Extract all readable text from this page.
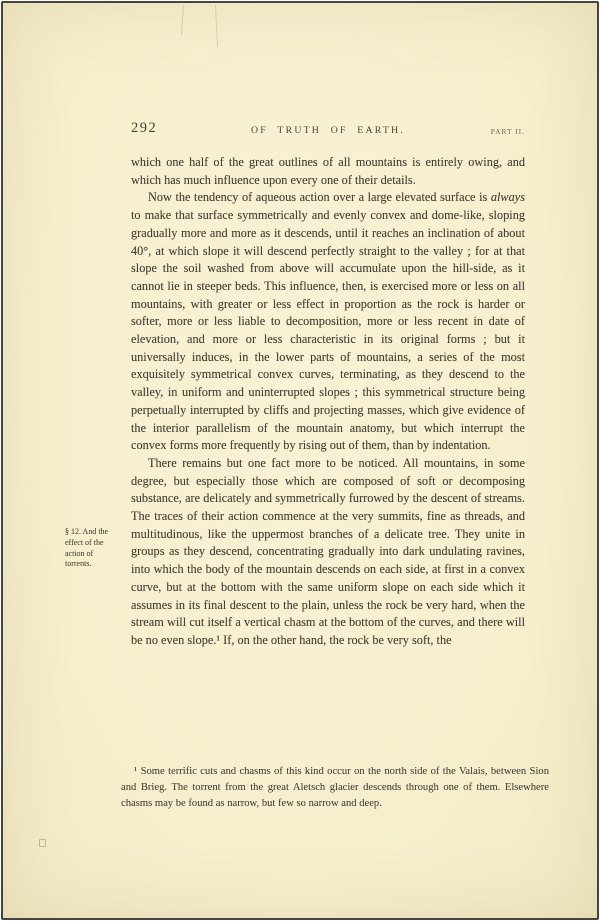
292	OF TRUTH OF EARTH.	PART II.
§ 12. And the
effect of the
action of
torrents.

which one half of the great outlines of all mountains is entirely owing, and which has much influence upon every one of their details.

Now the tendency of aqueous action over a large elevated surface is always to make that surface symmetrically and evenly convex and dome-like, sloping gradually more and more as it descends, until it reaches an inclination of about 40°, at which slope it will descend perfectly straight to the valley ; for at that slope the soil washed from above will accumulate upon the hill-side, as it cannot lie in steeper beds. This influence, then, is exercised more or less on all mountains, with greater or less effect in proportion as the rock is harder or softer, more or less liable to decomposition, more or less recent in date of elevation, and more or less characteristic in its original forms ; but it universally induces, in the lower parts of mountains, a series of the most exquisitely symmetrical convex curves, terminating, as they descend to the valley, in uniform and uninterrupted slopes ; this symmetrical structure being perpetually interrupted by cliffs and projecting masses, which give evidence of the interior parallelism of the mountain anatomy, but which interrupt the convex forms more frequently by rising out of them, than by indentation.

There remains but one fact more to be noticed. All mountains, in some degree, but especially those which are composed of soft or decomposing substance, are delicately and symmetrically furrowed by the descent of streams. The traces of their action commence at the very summits, fine as threads, and multitudinous, like the uppermost branches of a delicate tree. They unite in groups as they descend, concentrating gradually into dark undulating ravines, into which the body of the mountain descends on each side, at first in a convex curve, but at the bottom with the same uniform slope on each side which it assumes in its final descent to the plain, unless the rock be very hard, when the stream will cut itself a vertical chasm at the bottom of the curves, and there will be no even slope.¹ If, on the other hand, the rock be very soft, the

¹ Some terrific cuts and chasms of this kind occur on the north side of the Valais, between Sion and Brieg. The torrent from the great Aletsch glacier descends through one of them. Elsewhere chasms may be found as narrow, but few so narrow and deep.
